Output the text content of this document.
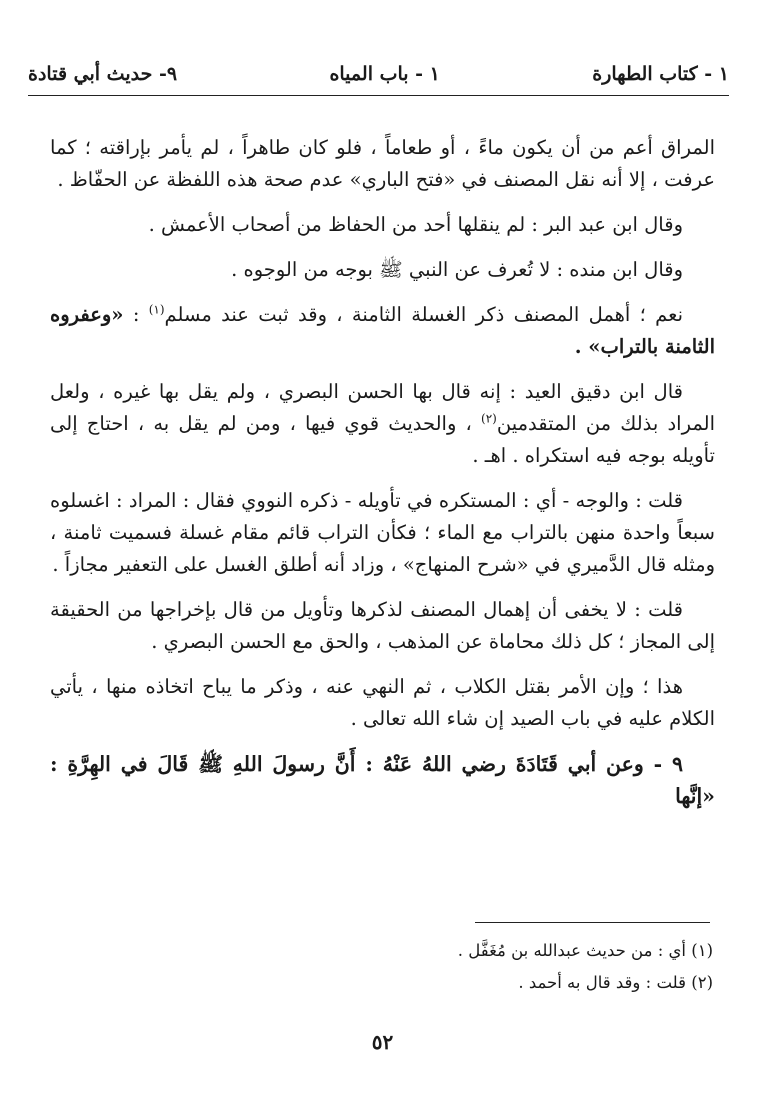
١ - كتاب الطهارة
١ - باب المياه
٩- حديث أبي قتادة

المراق أعم من أن يكون ماءً ، أو طعاماً ، فلو كان طاهراً ، لم يأمر بإراقته ؛ كما عرفت ، إلا أنه نقل المصنف في «فتح الباري» عدم صحة هذه اللفظة عن الحفّاظ .

وقال ابن عبد البر : لم ينقلها أحد من الحفاظ من أصحاب الأعمش .

وقال ابن منده : لا تُعرف عن النبي ﷺ بوجه من الوجوه .

نعم ؛ أهمل المصنف ذكر الغسلة الثامنة ، وقد ثبت عند مسلم$^{(١)}$ : «وعفروه الثامنة بالتراب» .

قال ابن دقيق العيد : إنه قال بها الحسن البصري ، ولم يقل بها غيره ، ولعل المراد بذلك من المتقدمين$^{(٢)}$ ، والحديث قوي فيها ، ومن لم يقل به ، احتاج إلى تأويله بوجه فيه استكراه . اهـ .

قلت : والوجه - أي : المستكره في تأويله - ذكره النووي فقال : المراد : اغسلوه سبعاً واحدة منهن بالتراب مع الماء ؛ فكأن التراب قائم مقام غسلة فسميت ثامنة ، ومثله قال الدَّميري في «شرح المنهاج» ، وزاد أنه أطلق الغسل على التعفير مجازاً .

قلت : لا يخفى أن إهمال المصنف لذكرها وتأويل من قال بإخراجها من الحقيقة إلى المجاز ؛ كل ذلك محاماة عن المذهب ، والحق مع الحسن البصري .

هذا ؛ وإن الأمر بقتل الكلاب ، ثم النهي عنه ، وذكر ما يباح اتخاذه منها ، يأتي الكلام عليه في باب الصيد إن شاء الله تعالى .

٩ - وعن أبي قَتَادَةَ رضي اللهُ عَنْهُ : أَنَّ رسولَ اللهِ ﷺ قَالَ في الهِرَّةِ : «إنَّها

(١) أي : من حديث عبدالله بن مُغَفَّل .
(٢) قلت : وقد قال به أحمد .
٥٢
